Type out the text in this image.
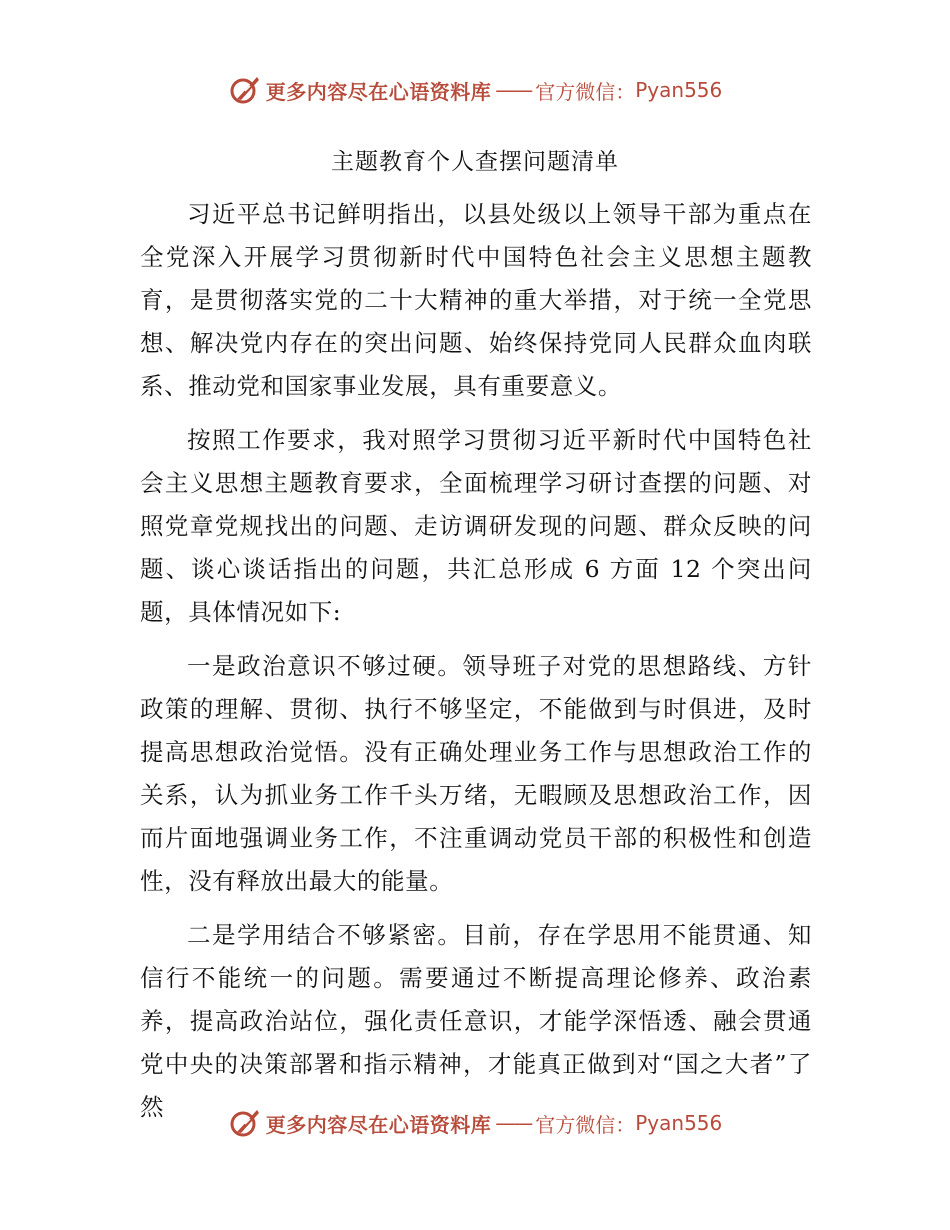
更多内容尽在心语资料库 —— 官方微信： Pyan556
主题教育个人查摆问题清单

习近平总书记鲜明指出，以县处级以上领导干部为重点在全党深入开展学习贯彻新时代中国特色社会主义思想主题教育，是贯彻落实党的二十大精神的重大举措，对于统一全党思想、解决党内存在的突出问题、始终保持党同人民群众血肉联系、推动党和国家事业发展，具有重要意义。

按照工作要求，我对照学习贯彻习近平新时代中国特色社会主义思想主题教育要求，全面梳理学习研讨查摆的问题、对照党章党规找出的问题、走访调研发现的问题、群众反映的问题、谈心谈话指出的问题，共汇总形成 6 方面 12 个突出问题，具体情况如下:

一是政治意识不够过硬。领导班子对党的思想路线、方针政策的理解、贯彻、执行不够坚定，不能做到与时俱进，及时提高思想政治觉悟。没有正确处理业务工作与思想政治工作的关系，认为抓业务工作千头万绪，无暇顾及思想政治工作，因而片面地强调业务工作，不注重调动党员干部的积极性和创造性，没有释放出最大的能量。

二是学用结合不够紧密。目前，存在学思用不能贯通、知信行不能统一的问题。需要通过不断提高理论修养、政治素养，提高政治站位，强化责任意识，才能学深悟透、融会贯通党中央的决策部署和指示精神，才能真正做到对“国之大者”了然

更多内容尽在心语资料库 —— 官方微信： Pyan556
